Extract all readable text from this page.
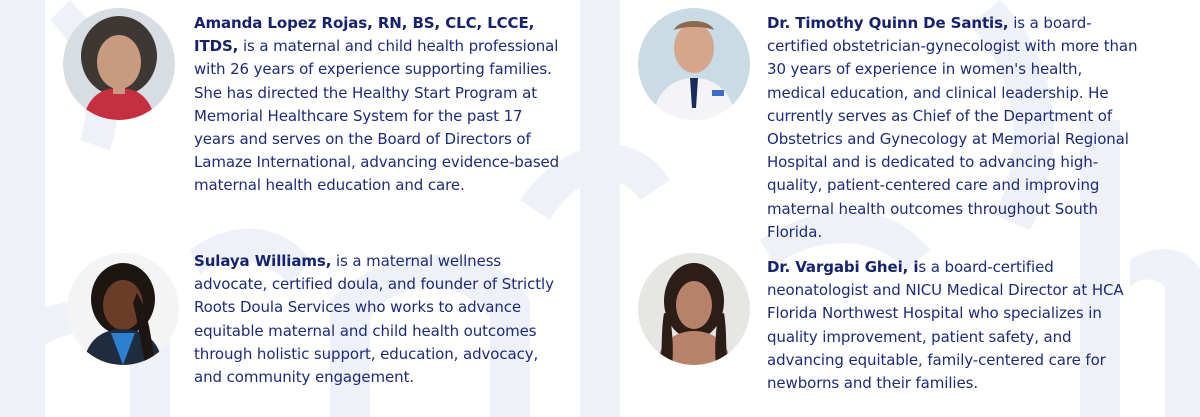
Amanda Lopez Rojas, RN, BS, CLC, LCCE, ITDS, is a maternal and child health professional with 26 years of experience supporting families. She has directed the Healthy Start Program at Memorial Healthcare System for the past 17 years and serves on the Board of Directors of Lamaze International, advancing evidence-based maternal health education and care.
Dr. Timothy Quinn De Santis, is a board-certified obstetrician-gynecologist with more than 30 years of experience in women's health, medical education, and clinical leadership. He currently serves as Chief of the Department of Obstetrics and Gynecology at Memorial Regional Hospital and is dedicated to advancing high-quality, patient-centered care and improving maternal health outcomes throughout South Florida.
Sulaya Williams, is a maternal wellness advocate, certified doula, and founder of Strictly Roots Doula Services who works to advance equitable maternal and child health outcomes through holistic support, education, advocacy, and community engagement.
Dr. Vargabi Ghei, is a board-certified neonatologist and NICU Medical Director at HCA Florida Northwest Hospital who specializes in quality improvement, patient safety, and advancing equitable, family-centered care for newborns and their families.
